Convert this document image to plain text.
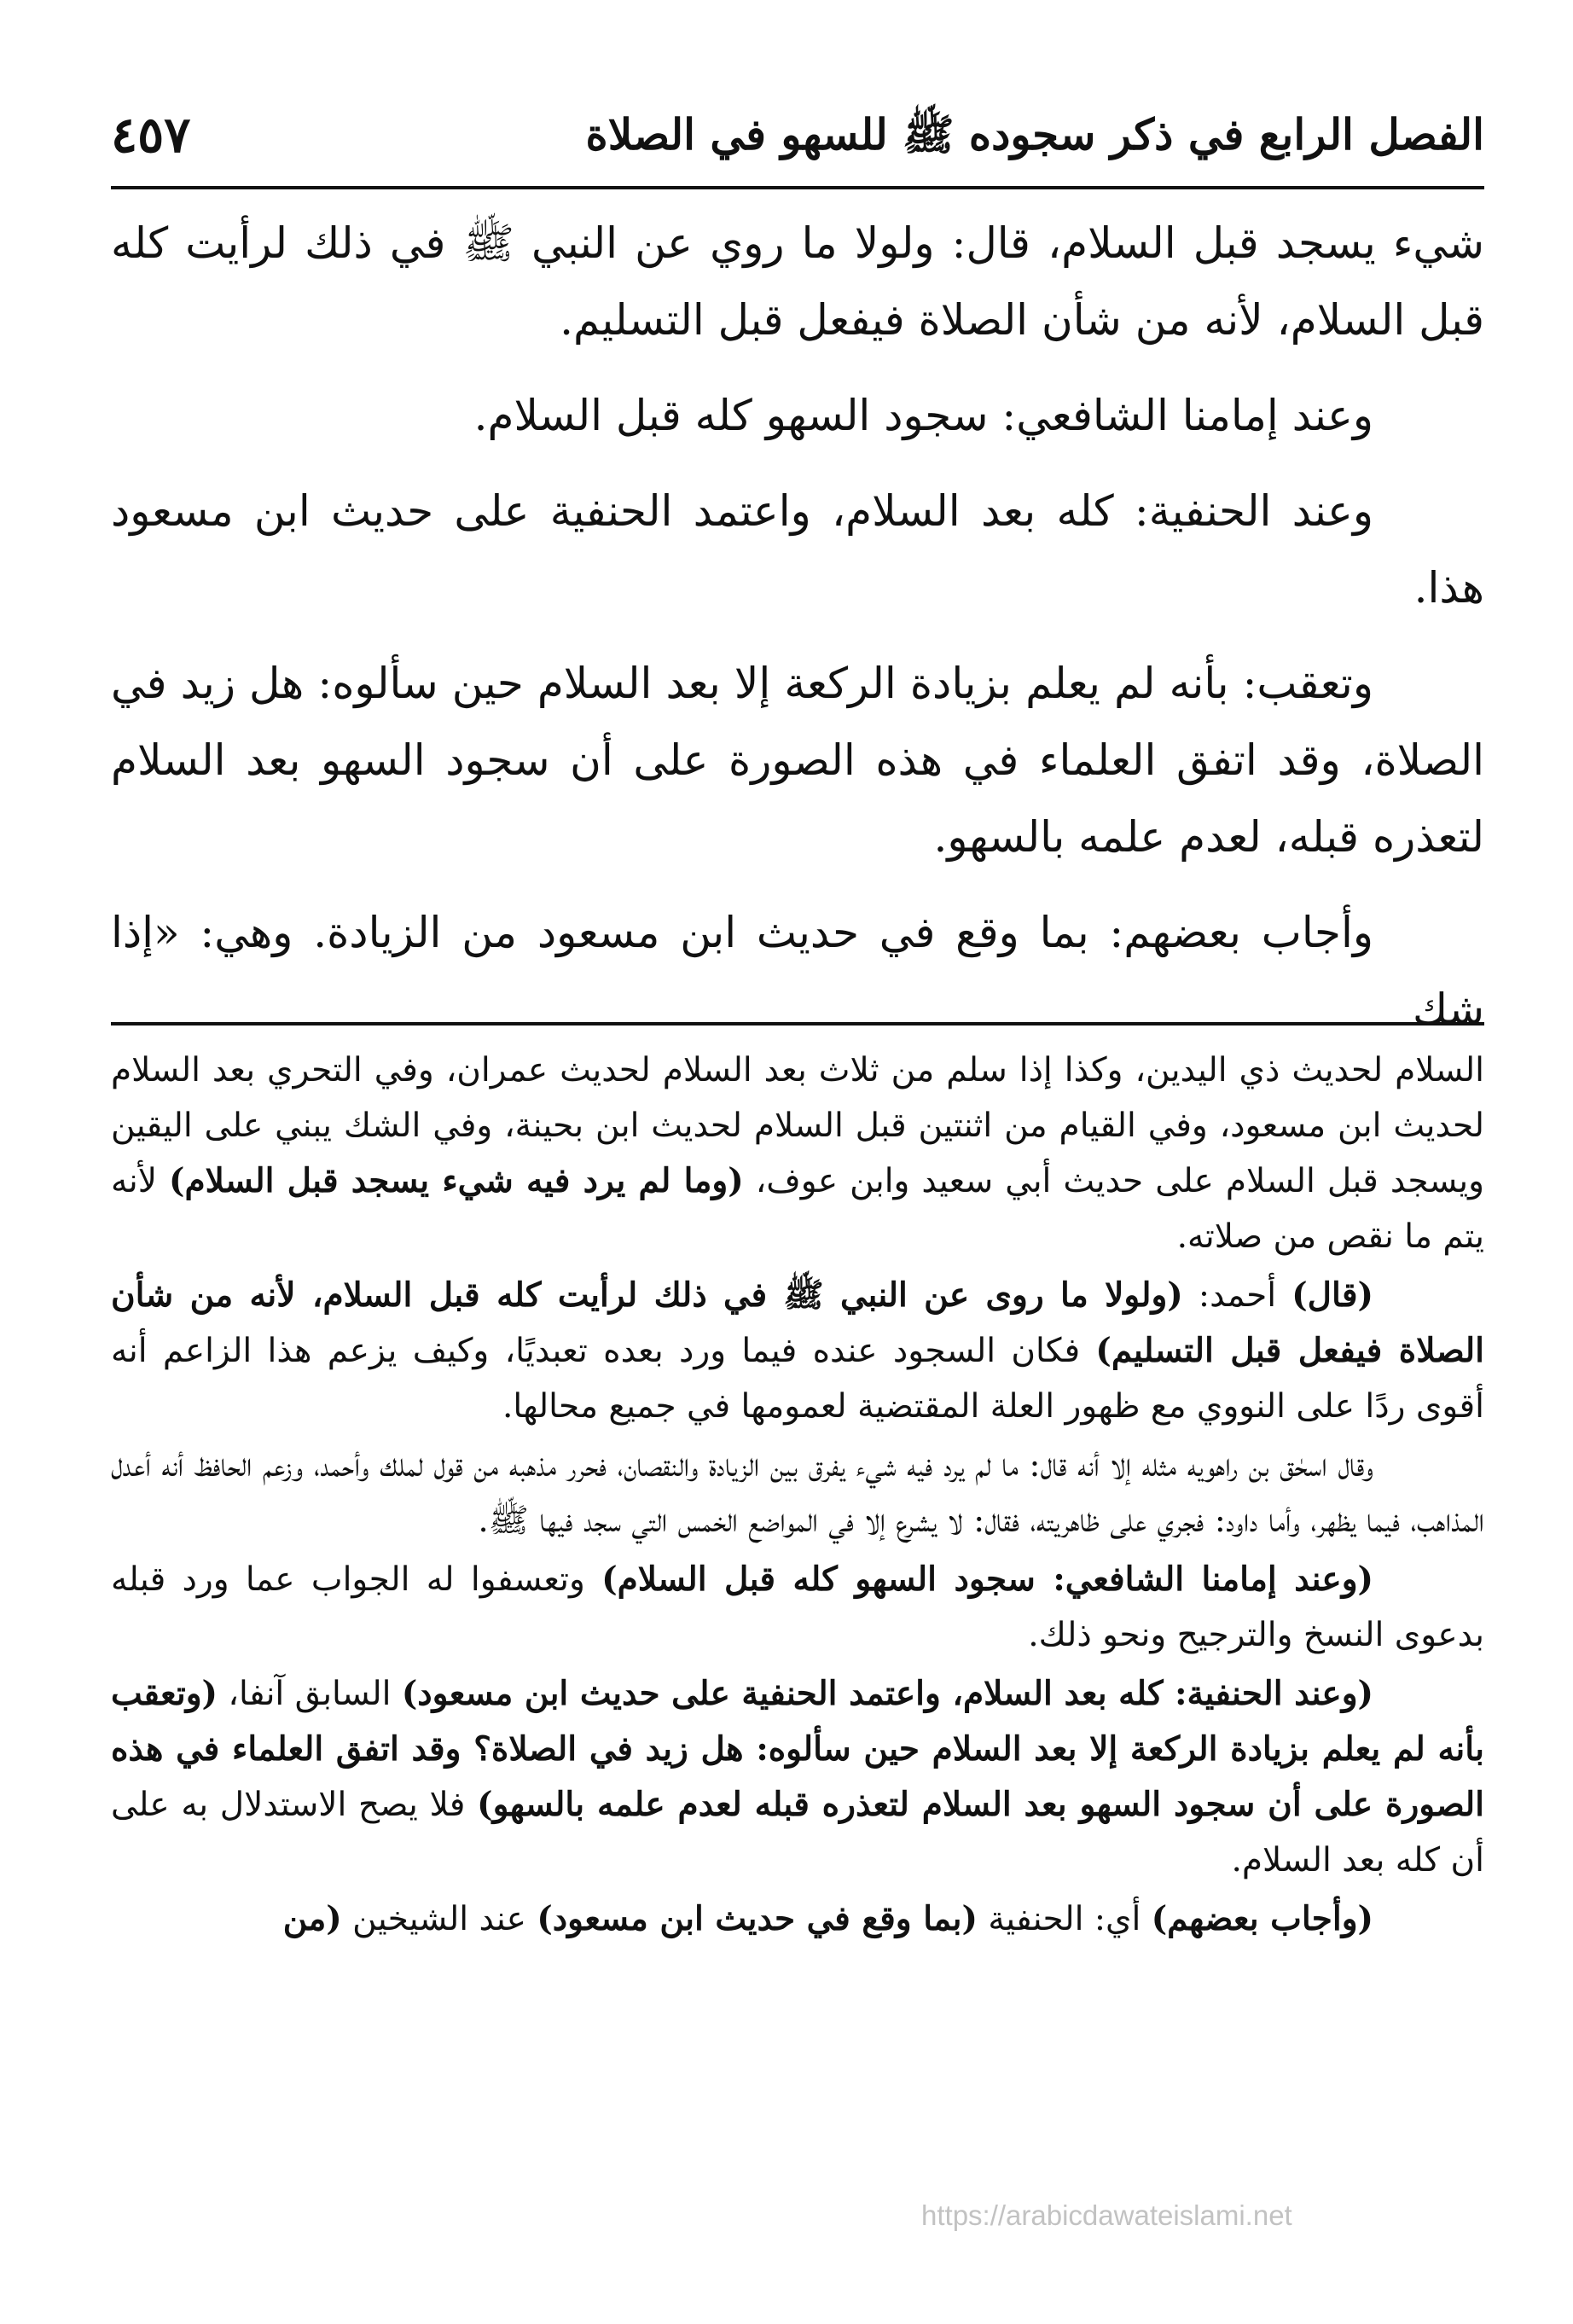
الفصل الرابع في ذكر سجوده ﷺ للسهو في الصلاة
٤٥٧

شيء يسجد قبل السلام، قال: ولولا ما روي عن النبي ﷺ في ذلك لرأيت كله قبل السلام، لأنه من شأن الصلاة فيفعل قبل التسليم.

وعند إمامنا الشافعي: سجود السهو كله قبل السلام.

وعند الحنفية: كله بعد السلام، واعتمد الحنفية على حديث ابن مسعود هذا.

وتعقب: بأنه لم يعلم بزيادة الركعة إلا بعد السلام حين سألوه: هل زيد في الصلاة، وقد اتفق العلماء في هذه الصورة على أن سجود السهو بعد السلام لتعذره قبله، لعدم علمه بالسهو.

وأجاب بعضهم: بما وقع في حديث ابن مسعود من الزيادة. وهي: «إذا شك

السلام لحديث ذي اليدين، وكذا إذا سلم من ثلاث بعد السلام لحديث عمران، وفي التحري بعد السلام لحديث ابن مسعود، وفي القيام من اثنتين قبل السلام لحديث ابن بحينة، وفي الشك يبني على اليقين ويسجد قبل السلام على حديث أبي سعيد وابن عوف، (وما لم يرد فيه شيء يسجد قبل السلام) لأنه يتم ما نقص من صلاته.

(قال) أحمد: (ولولا ما روى عن النبي ﷺ في ذلك لرأيت كله قبل السلام، لأنه من شأن الصلاة فيفعل قبل التسليم) فكان السجود عنده فيما ورد بعده تعبديًا، وكيف يزعم هذا الزاعم أنه أقوى ردًا على النووي مع ظهور العلة المقتضية لعمومها في جميع محالها.

وقال اسحٰق بن راهويه مثله إلا أنه قال: ما لم يرد فيه شيء يفرق بين الزيادة والنقصان، فحرر مذهبه من قول لملك وأحمد، وزعم الحافظ أنه أعدل المذاهب، فيما يظهر، وأما داود: فجري على ظاهريته، فقال: لا يشرع إلا في المواضع الخمس التي سجد فيها ﷺ.

(وعند إمامنا الشافعي: سجود السهو كله قبل السلام) وتعسفوا له الجواب عما ورد قبله بدعوى النسخ والترجيح ونحو ذلك.

(وعند الحنفية: كله بعد السلام، واعتمد الحنفية على حديث ابن مسعود) السابق آنفا، (وتعقب بأنه لم يعلم بزيادة الركعة إلا بعد السلام حين سألوه: هل زيد في الصلاة؟ وقد اتفق العلماء في هذه الصورة على أن سجود السهو بعد السلام لتعذره قبله لعدم علمه بالسهو) فلا يصح الاستدلال به على أن كله بعد السلام.

(وأجاب بعضهم) أي: الحنفية (بما وقع في حديث ابن مسعود) عند الشيخين (من

https://arabicdawateislami.net
